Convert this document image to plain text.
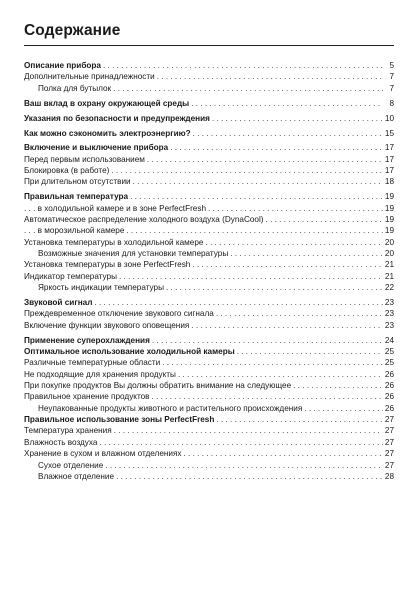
Содержание
Описание прибора . . .	5
Дополнительные принадлежности . . .	7
Полка для бутылок . . .	7
Ваш вклад в охрану окружающей среды . . .	8
Указания по безопасности и предупреждения . . .	10
Как можно сэкономить электроэнергию? . . .	15
Включение и выключение прибора . . .	17
Перед первым использованием . . .	17
Блокировка (в работе) . . .	17
При длительном отсутствии . . .	18
Правильная температура . . .	19
. . . в холодильной камере и в зоне PerfectFresh . . .	19
Автоматическое распределение холодного воздуха (DynaCool) . . .	19
. . . в морозильной камере . . .	19
Установка температуры в холодильной камере . . .	20
Возможные значения для установки температуры . . .	20
Установка температуры в зоне PerfectFresh . . .	21
Индикатор температуры . . .	21
Яркость индикации температуры . . .	22
Звуковой сигнал . . .	23
Преждевременное отключение звукового сигнала . . .	23
Включение функции звукового оповещения . . .	23
Применение суперохлаждения . . .	24
Оптимальное использование холодильной камеры . . .	25
Различные температурные области . . .	25
Не подходящие для хранения продукты . . .	26
При покупке продуктов Вы должны обратить внимание на следующее . . .	26
Правильное хранение продуктов . . .	26
Неупакованные продукты животного и растительного происхождения . . .	26
Правильное использование зоны PerfectFresh . . .	27
Температура хранения . . .	27
Влажность воздуха . . .	27
Хранение в сухом и влажном отделениях . . .	27
Сухое отделение . . .	27
Влажное отделение . . .	28
